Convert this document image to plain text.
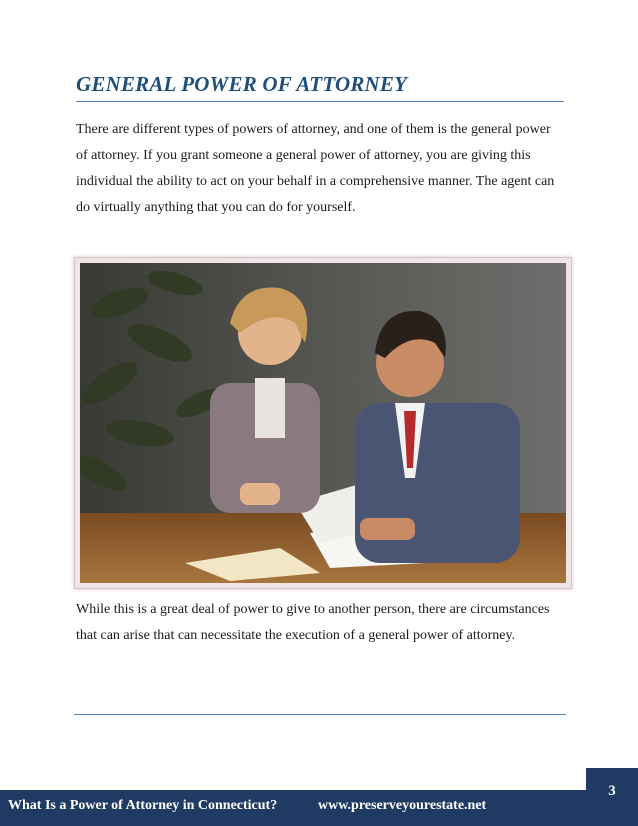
GENERAL POWER OF ATTORNEY

There are different types of powers of attorney, and one of them is the general power of attorney. If you grant someone a general power of attorney, you are giving this individual the ability to act on your behalf in a comprehensive manner. The agent can do virtually anything that you can do for yourself.

While this is a great deal of power to give to another person, there are circumstances that can arise that can necessitate the execution of a general power of attorney.

3
What Is a Power of Attorney in Connecticut?	www.preserveyourestate.net
